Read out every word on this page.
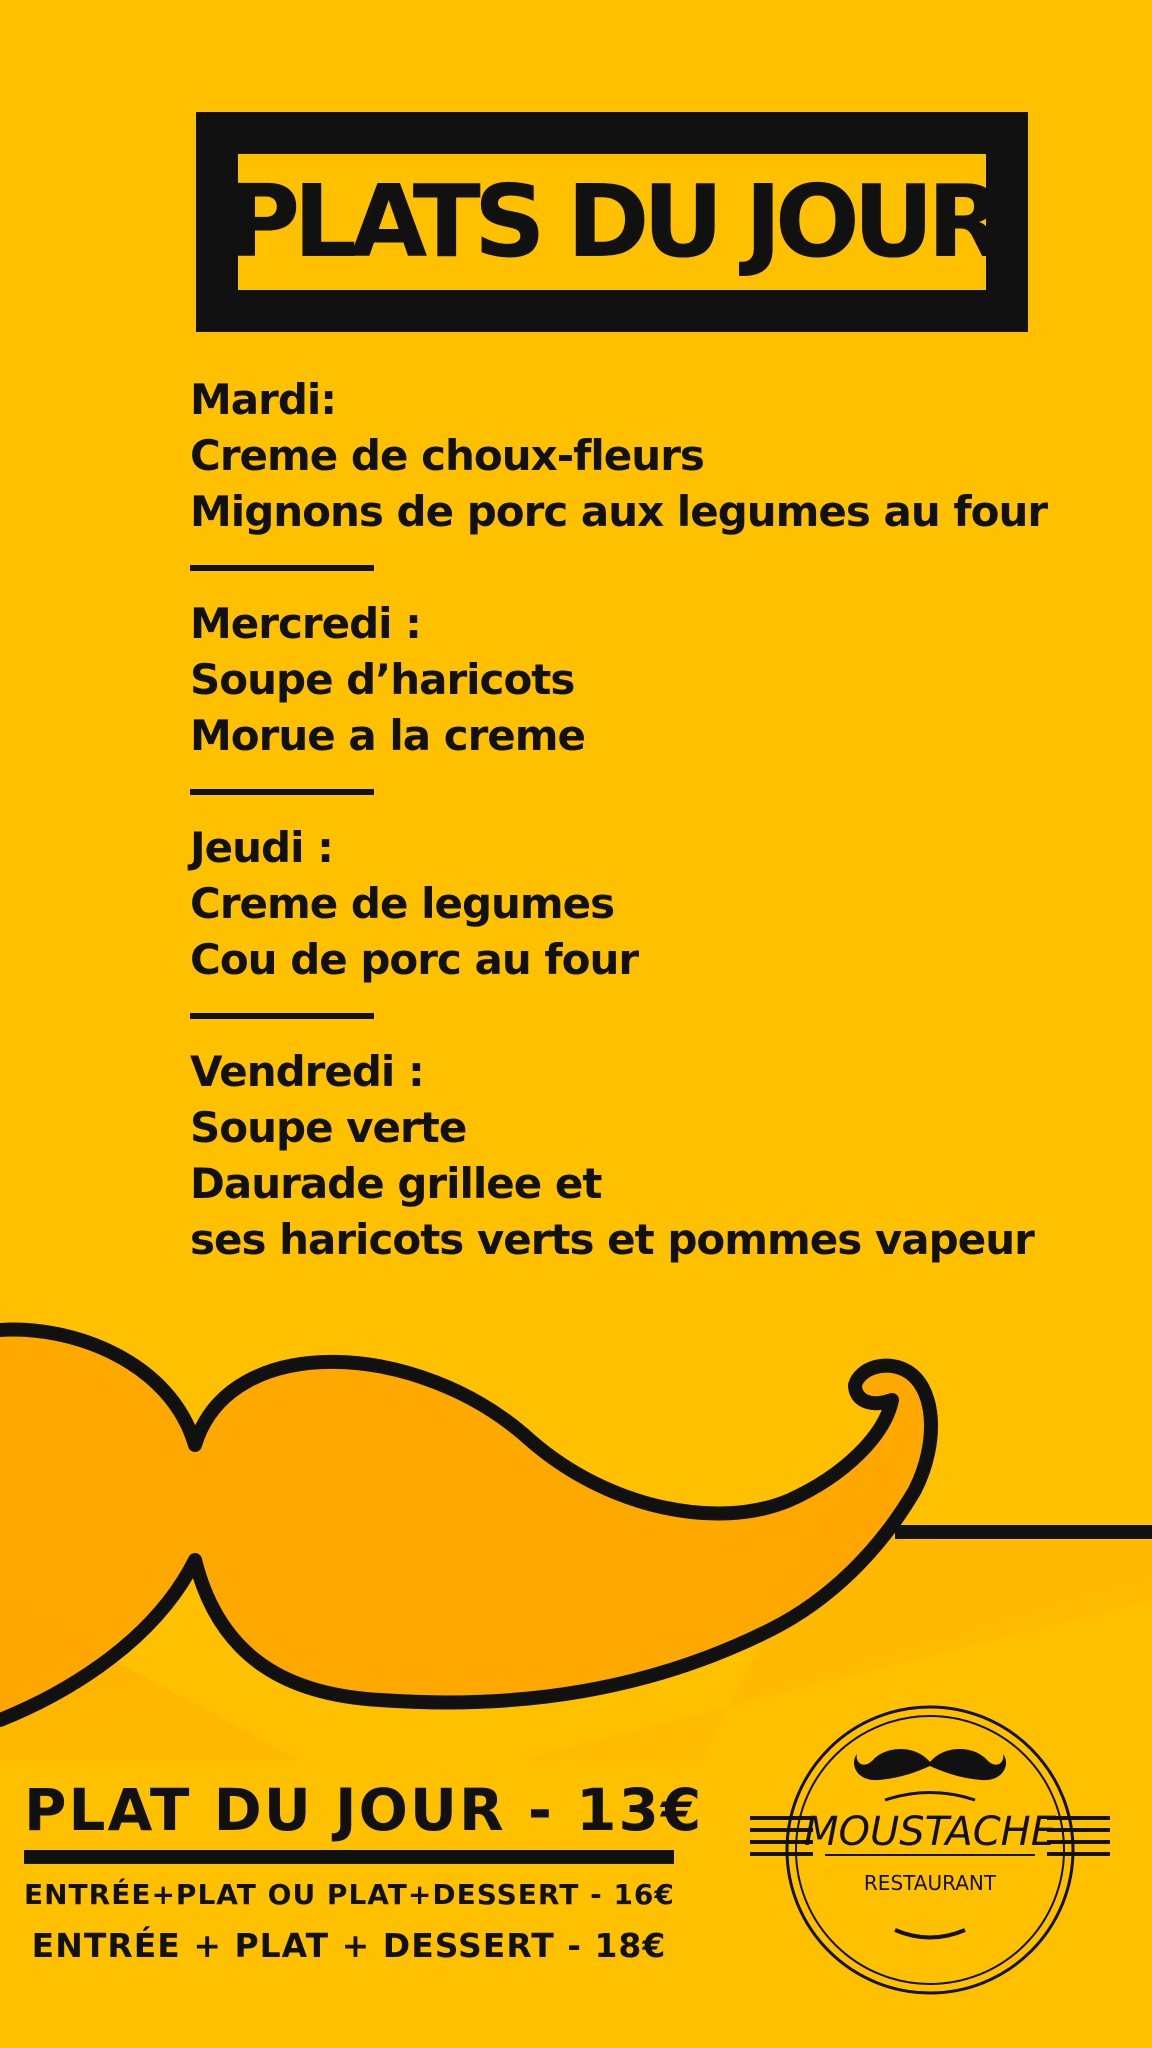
PLATS DU JOUR
Mardi:
Creme de choux-fleurs
Mignons de porc aux legumes au four
Mercredi :
Soupe d’haricots
Morue a la creme
Jeudi :
Creme de legumes
Cou de porc au four
Vendredi :
Soupe verte
Daurade grillee et
ses haricots verts et pommes vapeur
PLAT DU JOUR - 13€
ENTRÉE+PLAT OU PLAT+DESSERT - 16€
ENTRÉE + PLAT + DESSERT - 18€
MOUSTACHE
RESTAURANT
